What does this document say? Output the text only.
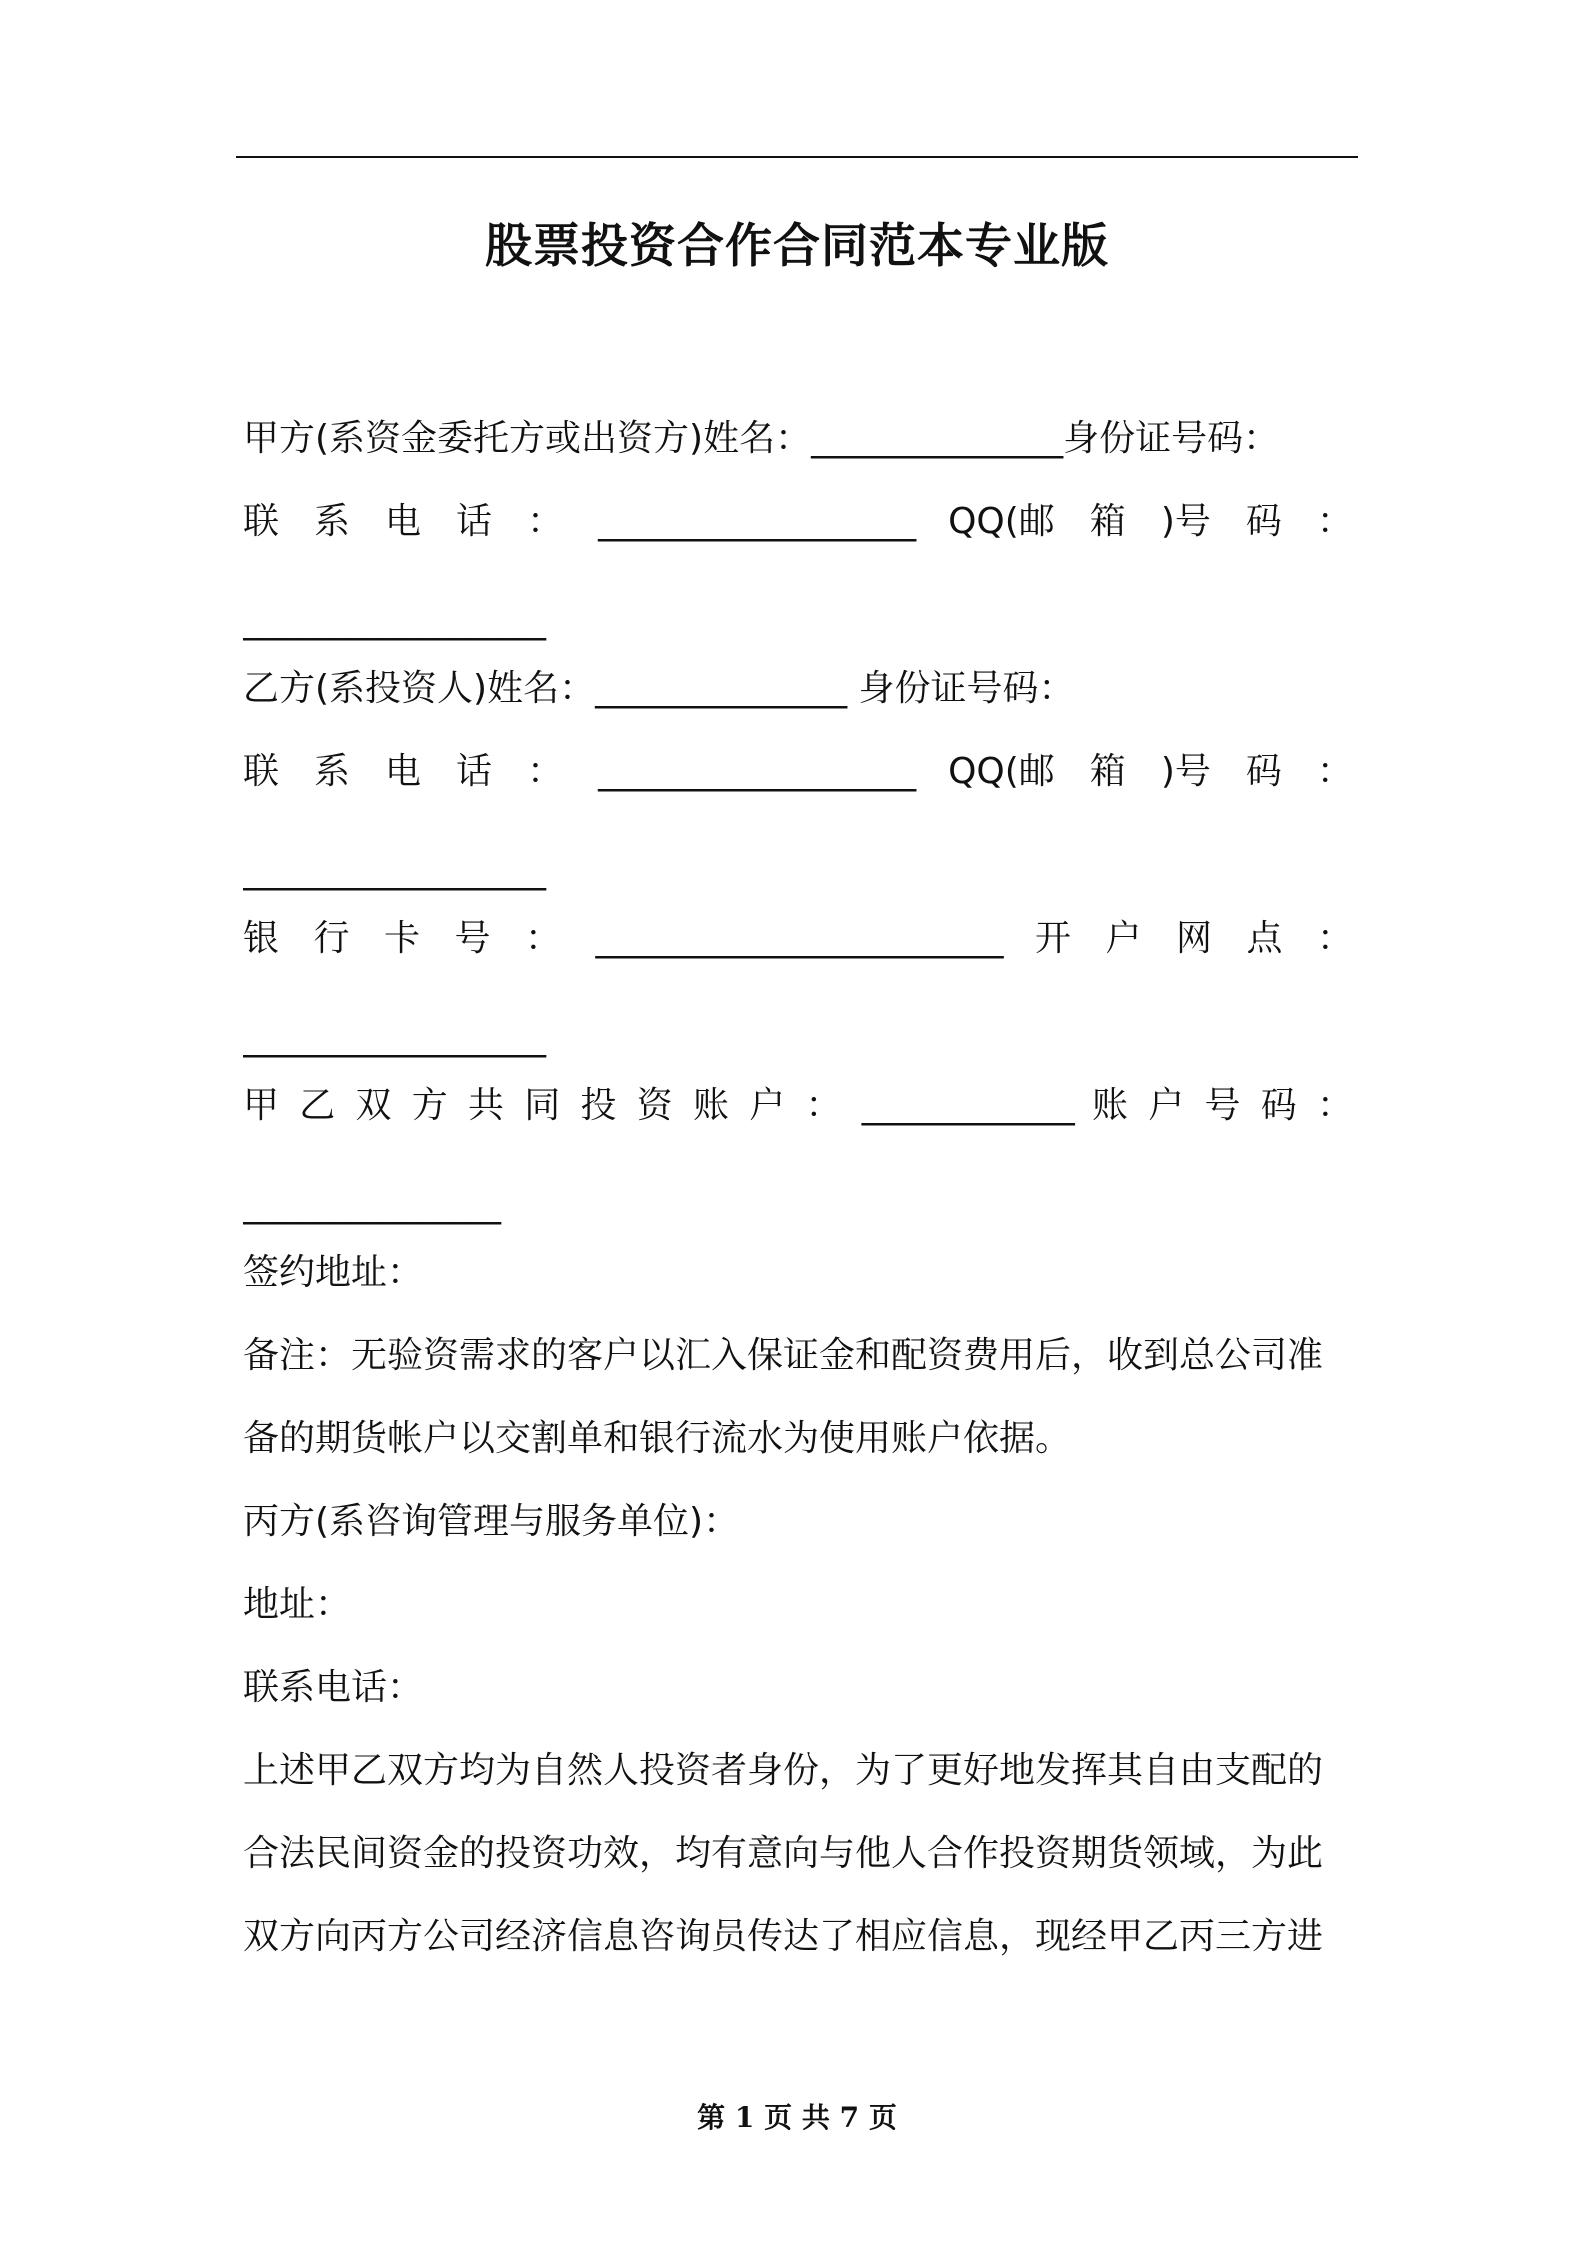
股票投资合作合同范本专业版
甲方(系资金委托方或出资方)姓名：______________身份证号码：
联 系 电 话 ： _____________________ QQ(邮 箱 )号 码 ：
____________________
乙方(系投资人)姓名：______________ 身份证号码：
联 系 电 话 ： _____________________ QQ(邮 箱 )号 码 ：
____________________
银 行 卡 号 ： ___________________________ 开 户 网 点 ：
____________________
甲 乙 双 方 共 同 投 资 账 户 ： ______________ 账 户 号 码 ：
_________________
签约地址：
备注：无验资需求的客户以汇入保证金和配资费用后，收到总公司准
备的期货帐户以交割单和银行流水为使用账户依据。
丙方(系咨询管理与服务单位)：
地址：
联系电话：
上述甲乙双方均为自然人投资者身份，为了更好地发挥其自由支配的
合法民间资金的投资功效，均有意向与他人合作投资期货领域，为此
双方向丙方公司经济信息咨询员传达了相应信息，现经甲乙丙三方进
第 1 页 共 7 页
